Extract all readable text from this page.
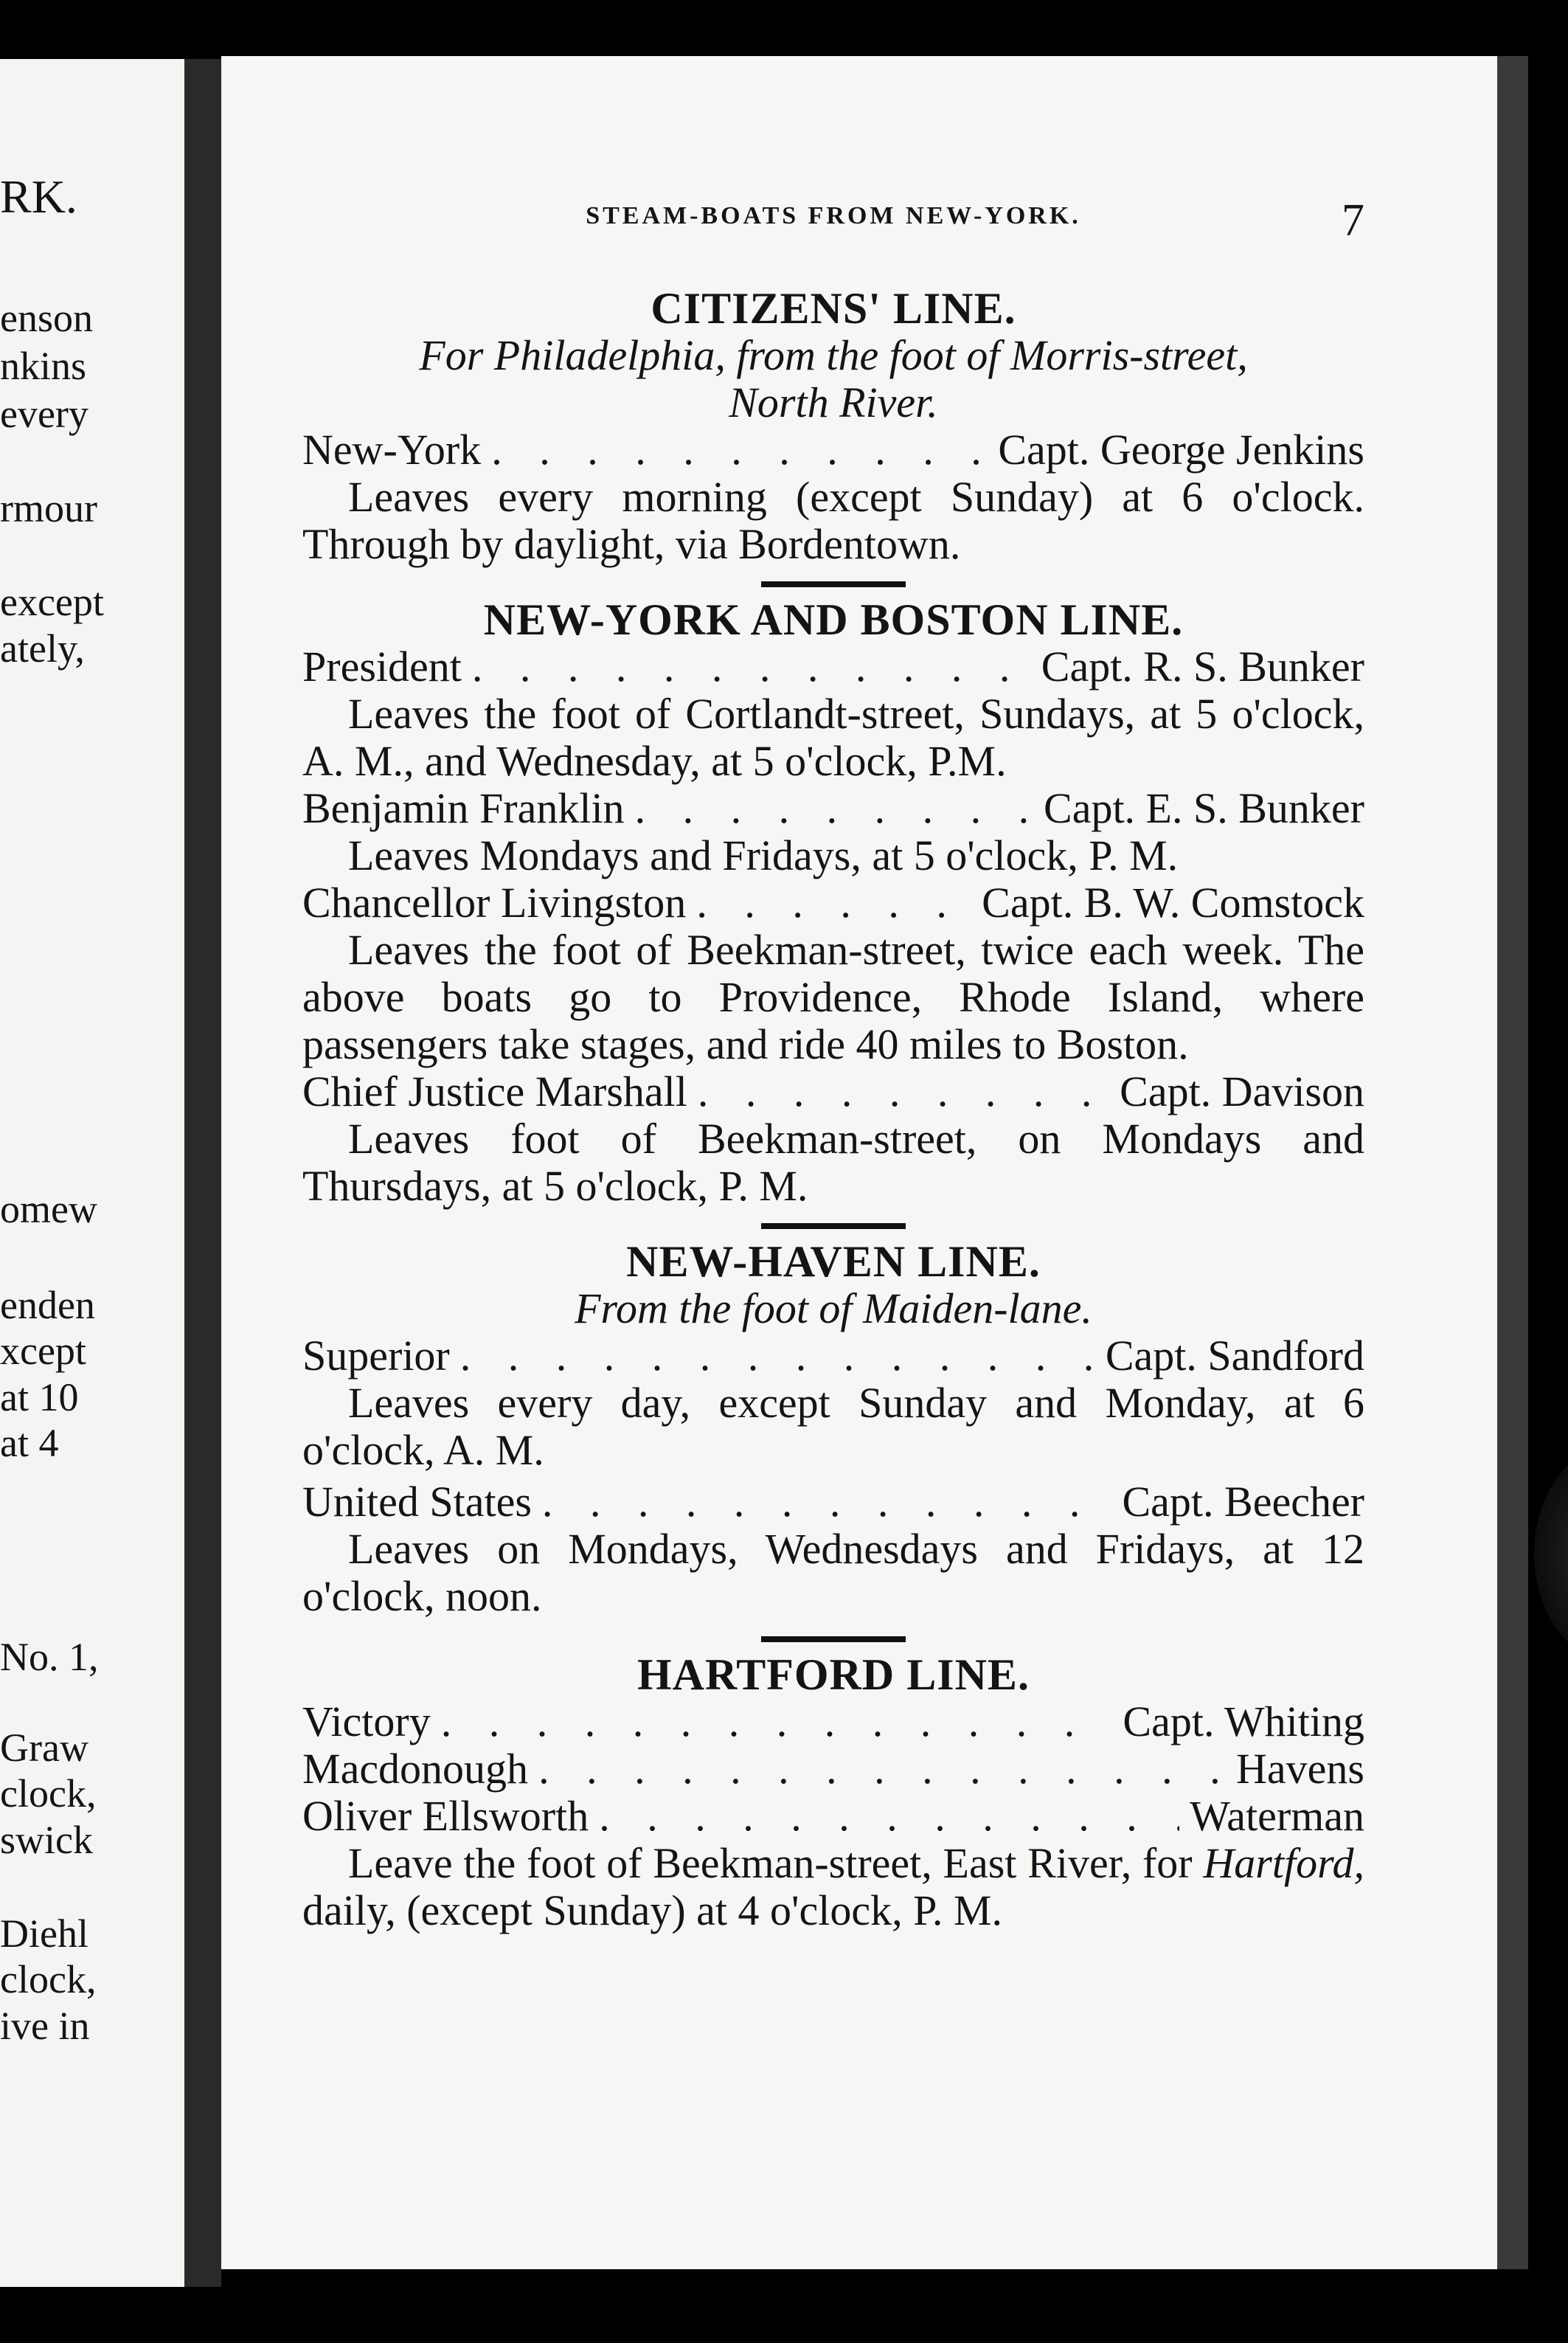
RK.
enson
nkins
every
rmour
except
ately,
omew
enden
xcept
at 10
at 4
No. 1,
Graw
clock,
swick
Diehl
clock,
ive in
STEAM-BOATS FROM NEW-YORK.	7
CITIZENS' LINE.

For Philadelphia, from the foot of Morris-street,

North River.

New-York . . .	Capt. George Jenkins

Leaves every morning (except Sunday) at 6 o'clock. Through by daylight, via Bordentown.

NEW-YORK AND BOSTON LINE.
President . . .	Capt. R. S. Bunker

Leaves the foot of Cortlandt-street, Sundays, at 5 o'clock, A. M., and Wednesday, at 5 o'clock, P.M.

Benjamin Franklin . . .	Capt. E. S. Bunker

Leaves Mondays and Fridays, at 5 o'clock, P. M.

Chancellor Livingston . . .	Capt. B. W. Comstock

Leaves the foot of Beekman-street, twice each week. The above boats go to Providence, Rhode Island, where passengers take stages, and ride 40 miles to Boston.

Chief Justice Marshall . . .	Capt. Davison

Leaves foot of Beekman-street, on Mondays and Thursdays, at 5 o'clock, P. M.

NEW-HAVEN LINE.

From the foot of Maiden-lane.

Superior . . .	Capt. Sandford

Leaves every day, except Sunday and Monday, at 6 o'clock, A. M.

United States . . .	Capt. Beecher

Leaves on Mondays, Wednesdays and Fridays, at 12 o'clock, noon.

HARTFORD LINE.
Victory . . .	Capt. Whiting
Macdonough . . .	Havens
Oliver Ellsworth . . .	Waterman

Leave the foot of Beekman-street, East River, for Hartford, daily, (except Sunday) at 4 o'clock, P. M.
